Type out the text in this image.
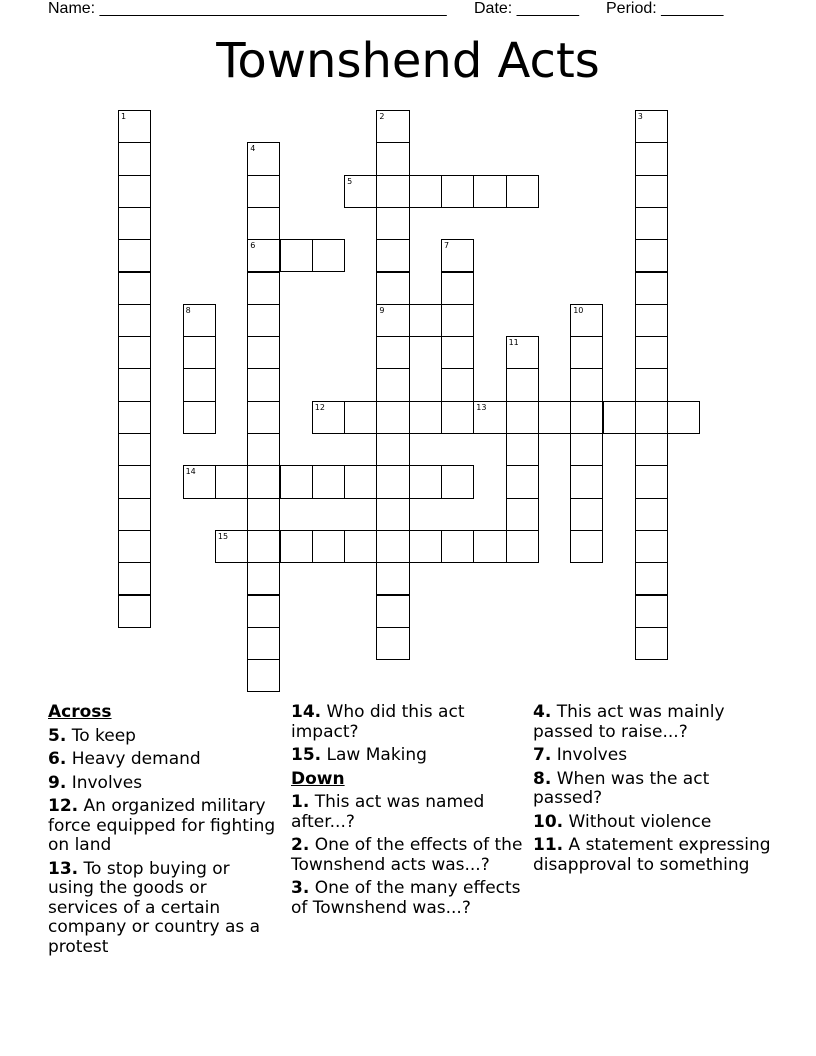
Name: _______________________________________ Date: _______ Period: _______
Townshend Acts
1	2
9
3
4
6
5
7
8	10
11
12	13
14
15
Across
5. To keep
6. Heavy demand
9. Involves
12. An organized military force equipped for fighting on land
13. To stop buying or using the goods or services of a certain company or country as a protest
14. Who did this act impact?
15. Law Making
Down
1. This act was named after...?
2. One of the effects of the Townshend acts was...?
3. One of the many effects of Townshend was...?
4. This act was mainly passed to raise...?
7. Involves
8. When was the act passed?
10. Without violence
11. A statement expressing disapproval to something
